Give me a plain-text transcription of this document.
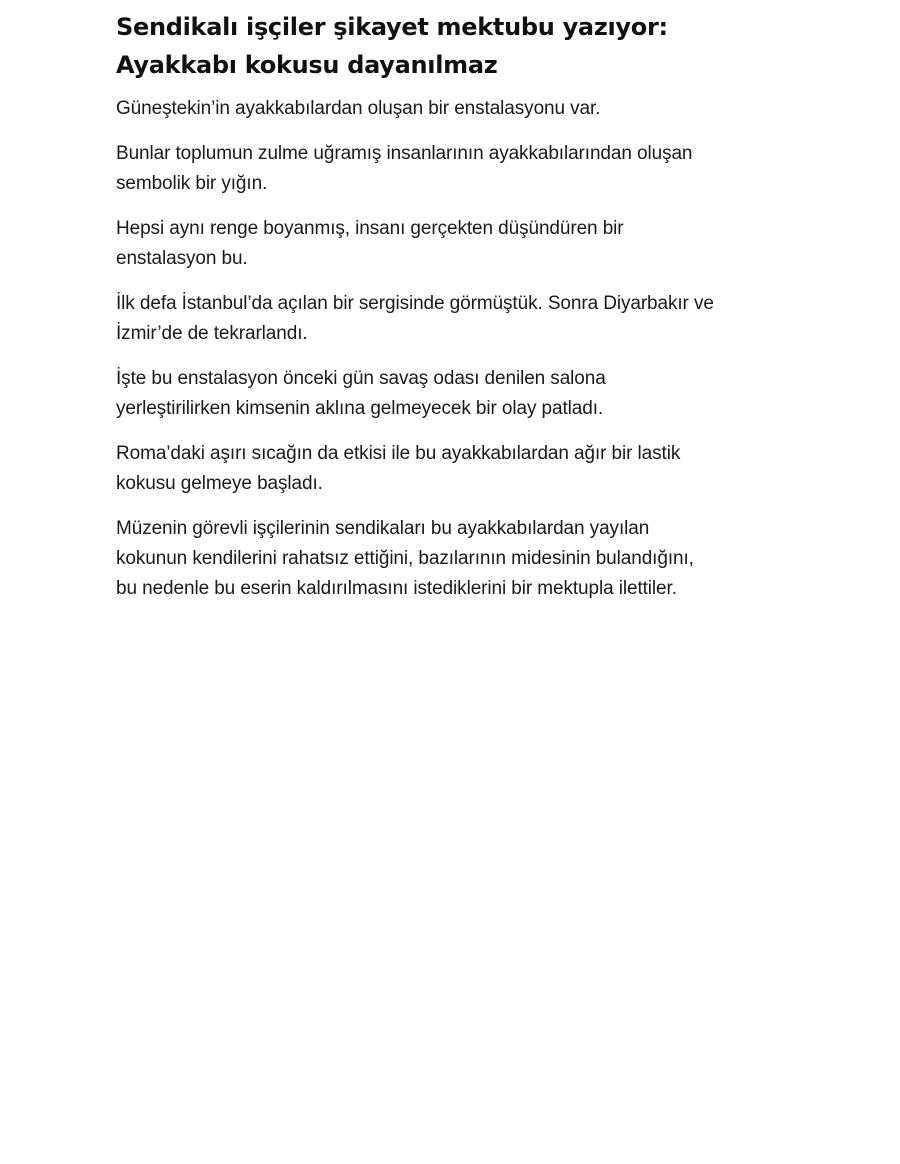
Sendikalı işçiler şikayet mektubu yazıyor:
Ayakkabı kokusu dayanılmaz

Güneştekin’in ayakkabılardan oluşan bir enstalasyonu var.

Bunlar toplumun zulme uğramış insanlarının ayakkabılarından oluşan sembolik bir yığın.

Hepsi aynı renge boyanmış, insanı gerçekten düşündüren bir enstalasyon bu.

İlk defa İstanbul’da açılan bir sergisinde görmüştük. Sonra Diyarbakır ve İzmir’de de tekrarlandı.

İşte bu enstalasyon önceki gün savaş odası denilen salona yerleştirilirken kimsenin aklına gelmeyecek bir olay patladı.

Roma’daki aşırı sıcağın da etkisi ile bu ayakkabılardan ağır bir lastik kokusu gelmeye başladı.

Müzenin görevli işçilerinin sendikaları bu ayakkabılardan yayılan kokunun kendilerini rahatsız ettiğini, bazılarının midesinin bulandığını, bu nedenle bu eserin kaldırılmasını istediklerini bir mektupla ilettiler.
